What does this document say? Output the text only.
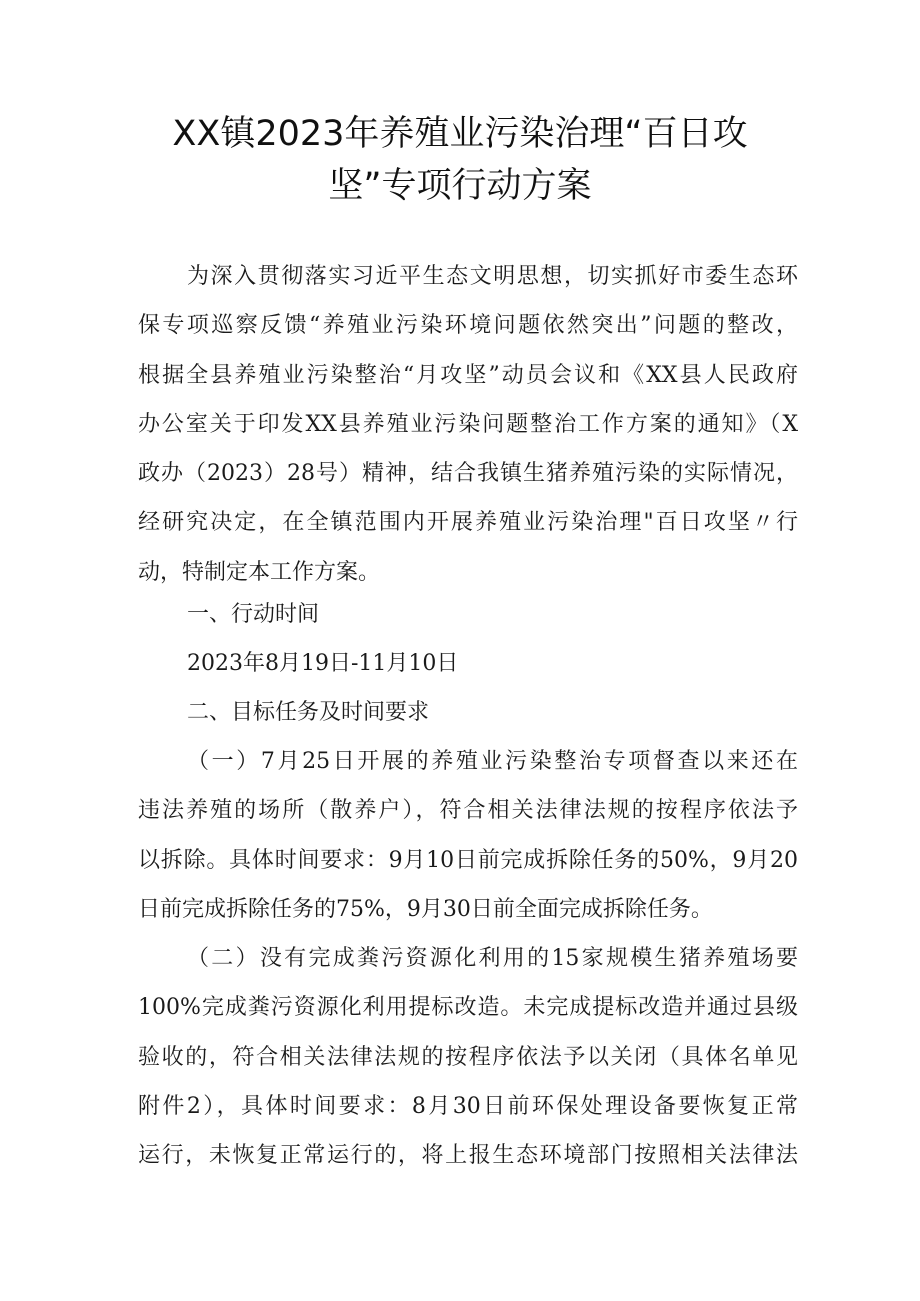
XX镇2023年养殖业污染治理“百日攻
坚”专项行动方案
为深入贯彻落实习近平生态文明思想，切实抓好市委生态环
保专项巡察反馈“养殖业污染环境问题依然突出”问题的整改，
根据全县养殖业污染整治“月攻坚”动员会议和《XX县人民政府
办公室关于印发XX县养殖业污染问题整治工作方案的通知》（X
政办（2023）28号）精神，结合我镇生猪养殖污染的实际情况，
经研究决定，在全镇范围内开展养殖业污染治理"百日攻坚〃行
动，特制定本工作方案。

一、行动时间

2023年8月19日-11月10日

二、目标任务及时间要求

（一）7月25日开展的养殖业污染整治专项督查以来还在
违法养殖的场所（散养户），符合相关法律法规的按程序依法予
以拆除。具体时间要求：9月10日前完成拆除任务的50%，9月20
日前完成拆除任务的75%，9月30日前全面完成拆除任务。
（二）没有完成粪污资源化利用的15家规模生猪养殖场要
100%完成粪污资源化利用提标改造。未完成提标改造并通过县级
验收的，符合相关法律法规的按程序依法予以关闭（具体名单见
附件2），具体时间要求：8月30日前环保处理设备要恢复正常
运行，未恢复正常运行的，将上报生态环境部门按照相关法律法
